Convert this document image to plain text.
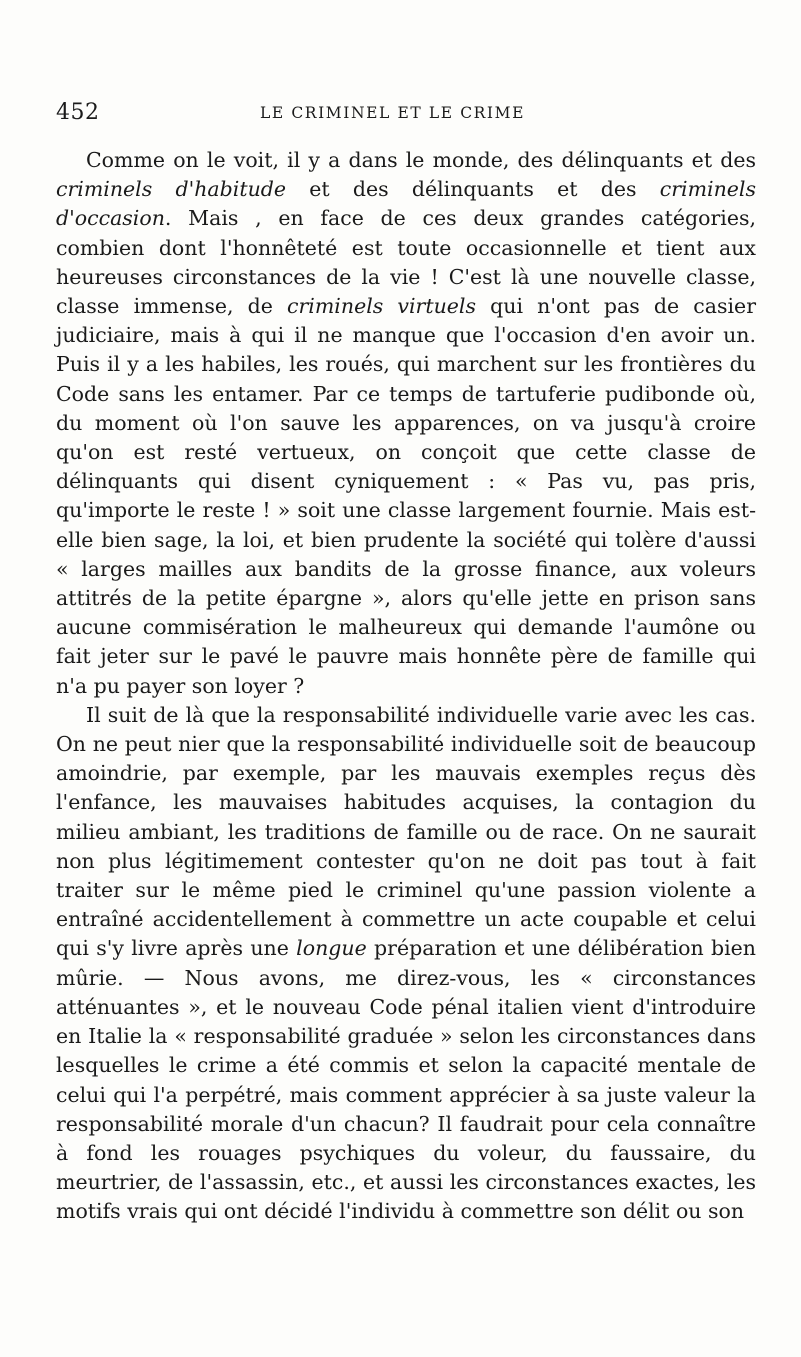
452	LE CRIMINEL ET LE CRIME

Comme on le voit, il y a dans le monde, des délinquants et des criminels d'habitude et des délinquants et des criminels d'occasion. Mais , en face de ces deux grandes catégories, combien dont l'honnêteté est toute occasionnelle et tient aux heureuses circonstances de la vie ! C'est là une nouvelle classe, classe immense, de criminels virtuels qui n'ont pas de casier judiciaire, mais à qui il ne manque que l'occasion d'en avoir un. Puis il y a les habiles, les roués, qui marchent sur les frontières du Code sans les entamer. Par ce temps de tartuferie pudibonde où, du moment où l'on sauve les apparences, on va jusqu'à croire qu'on est resté vertueux, on conçoit que cette classe de délinquants qui disent cyniquement : « Pas vu, pas pris, qu'importe le reste ! » soit une classe largement fournie. Mais est-elle bien sage, la loi, et bien prudente la société qui tolère d'aussi « larges mailles aux bandits de la grosse finance, aux voleurs attitrés de la petite épargne », alors qu'elle jette en prison sans aucune commisération le malheureux qui demande l'aumône ou fait jeter sur le pavé le pauvre mais honnête père de famille qui n'a pu payer son loyer ?

Il suit de là que la responsabilité individuelle varie avec les cas. On ne peut nier que la responsabilité individuelle soit de beaucoup amoindrie, par exemple, par les mauvais exemples reçus dès l'enfance, les mauvaises habitudes acquises, la contagion du milieu ambiant, les traditions de famille ou de race. On ne saurait non plus légitimement contester qu'on ne doit pas tout à fait traiter sur le même pied le criminel qu'une passion violente a entraîné accidentellement à commettre un acte coupable et celui qui s'y livre après une longue préparation et une délibération bien mûrie. — Nous avons, me direz-vous, les « circonstances atténuantes », et le nouveau Code pénal italien vient d'introduire en Italie la « responsabilité graduée » selon les circonstances dans lesquelles le crime a été commis et selon la capacité mentale de celui qui l'a perpétré, mais comment apprécier à sa juste valeur la responsabilité morale d'un chacun? Il faudrait pour cela connaître à fond les rouages psychiques du voleur, du faussaire, du meurtrier, de l'assassin, etc., et aussi les circonstances exactes, les motifs vrais qui ont décidé l'individu à commettre son délit ou son
